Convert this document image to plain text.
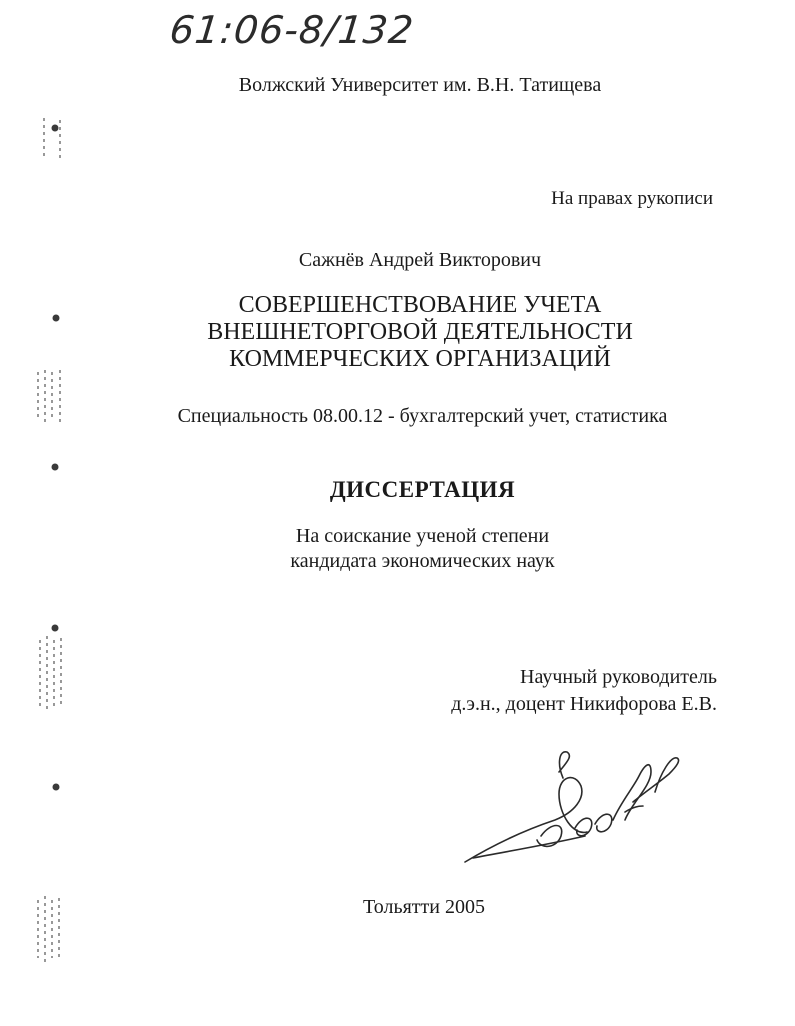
61:06-8/132
Волжский Университет им. В.Н. Татищева
На правах рукописи
Сажнёв Андрей Викторович
СОВЕРШЕНСТВОВАНИЕ УЧЕТА
ВНЕШНЕТОРГОВОЙ ДЕЯТЕЛЬНОСТИ
КОММЕРЧЕСКИХ ОРГАНИЗАЦИЙ
Специальность 08.00.12 - бухгалтерский учет, статистика
ДИССЕРТАЦИЯ
На соискание ученой степени
кандидата экономических наук
Научный руководитель
д.э.н., доцент Никифорова Е.В.
Тольятти 2005
